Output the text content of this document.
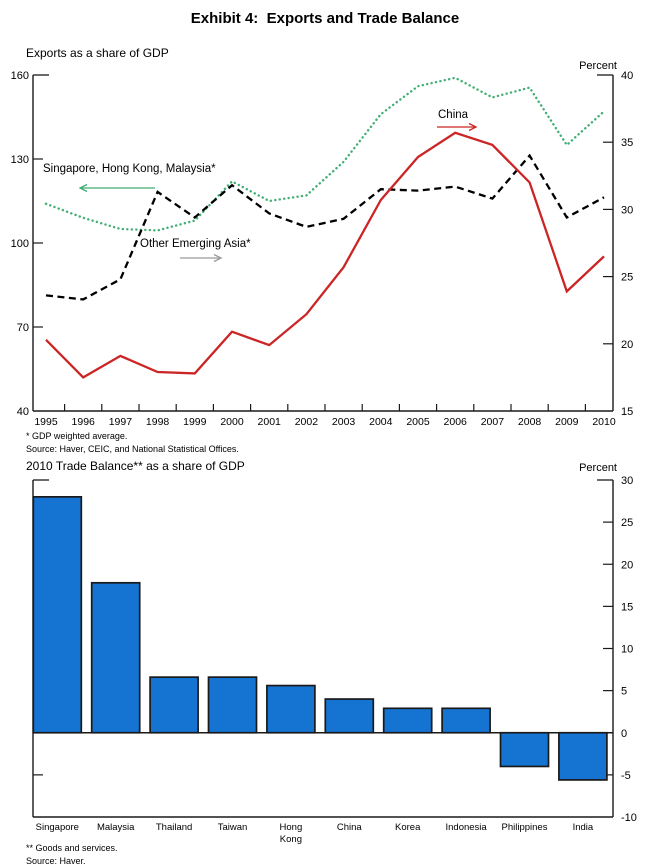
Exhibit 4:  Exports and Trade Balance
Exports as a share of GDP
Percent
160
130
100
70
40
40
35
30
25
20
15
1995 1996 1997 1998 1999 2000 2001 2002 2003 2004 2005 2006 2007 2008 2009 2010
Singapore, Hong Kong, Malaysia*
Other Emerging Asia*
China
30
25
20
15
10
5
0
-5
-10
Singapore Malaysia Thailand	Taiwan	Hong
Kong
China	Korea	Indonesia Philippines	India
* GDP weighted average.
Source: Haver, CEIC, and National Statistical Offices.
2010 Trade Balance** as a share of GDP	Percent
** Goods and services.
Source: Haver.
